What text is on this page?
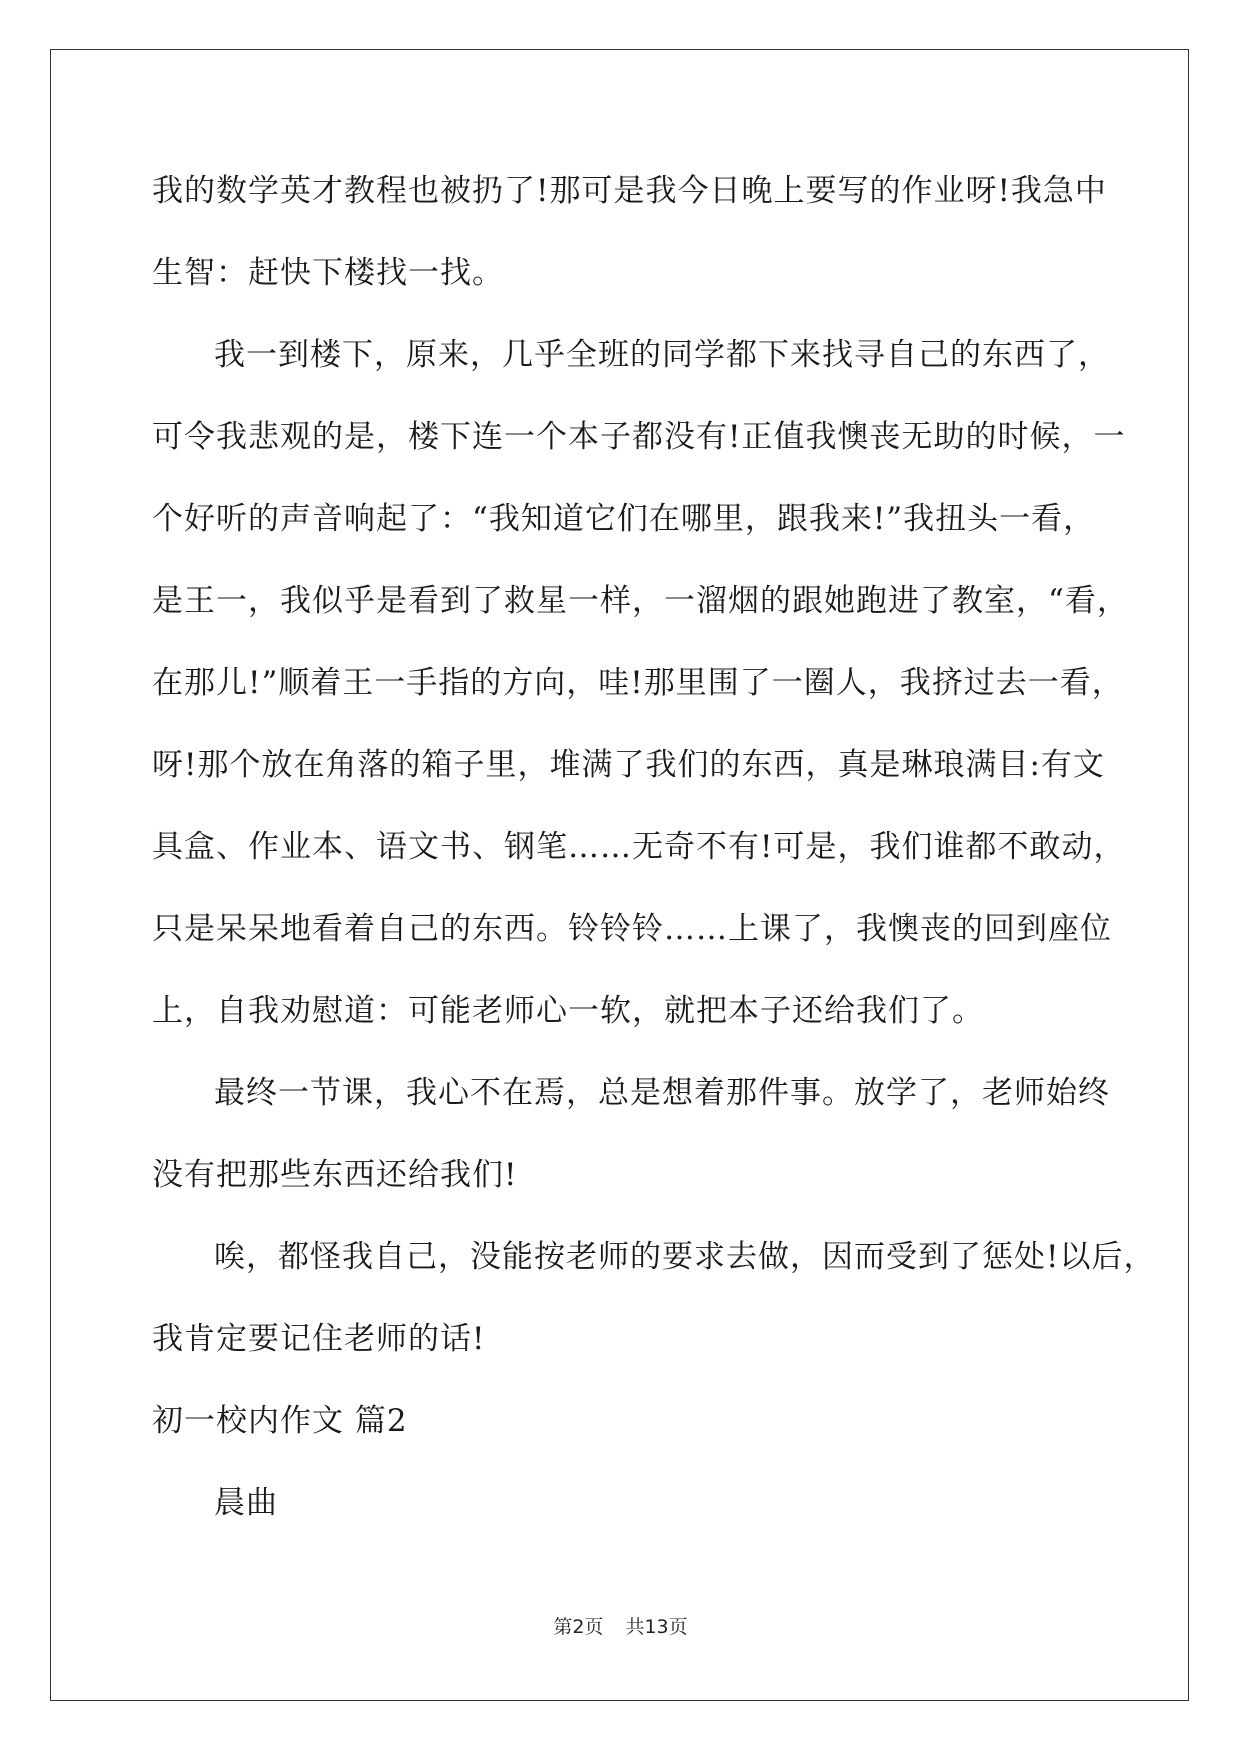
我的数学英才教程也被扔了!那可是我今日晚上要写的作业呀!我急中
生智：赶快下楼找一找。
我一到楼下，原来，几乎全班的同学都下来找寻自己的东西了，
可令我悲观的是，楼下连一个本子都没有!正值我懊丧无助的时候，一
个好听的声音响起了：“我知道它们在哪里，跟我来!”我扭头一看，
是王一，我似乎是看到了救星一样，一溜烟的跟她跑进了教室，“看，
在那儿!”顺着王一手指的方向，哇!那里围了一圈人，我挤过去一看，
呀!那个放在角落的箱子里，堆满了我们的东西，真是琳琅满目:有文
具盒、作业本、语文书、钢笔……无奇不有!可是，我们谁都不敢动，
只是呆呆地看着自己的东西。铃铃铃……上课了，我懊丧的回到座位
上，自我劝慰道：可能老师心一软，就把本子还给我们了。
最终一节课，我心不在焉，总是想着那件事。放学了，老师始终
没有把那些东西还给我们!
唉，都怪我自己，没能按老师的要求去做，因而受到了惩处!以后，
我肯定要记住老师的话!
初一校内作文 篇2
晨曲
第2页 共13页
